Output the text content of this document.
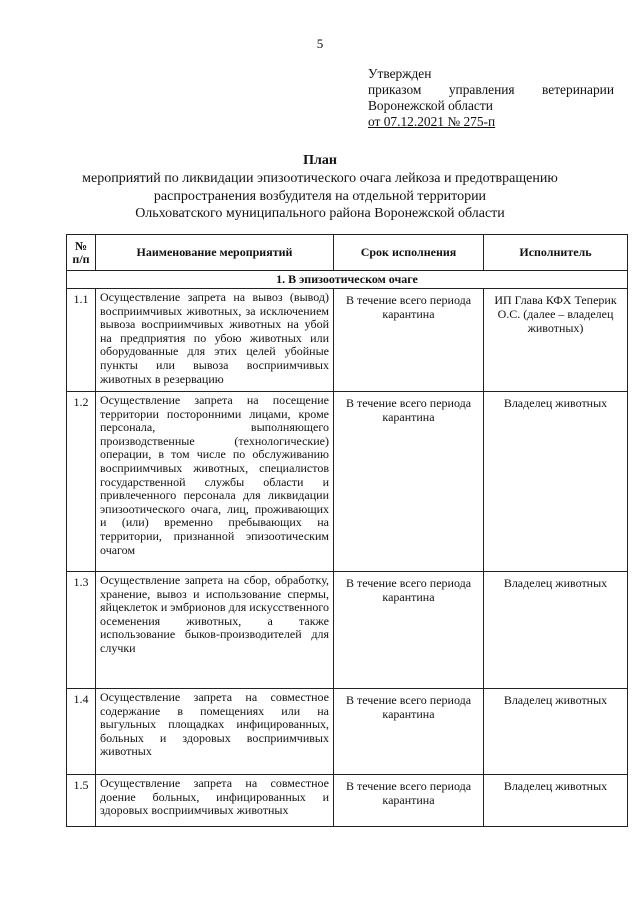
5
Утвержден
приказом управления ветеринарии
Воронежской области
от 07.12.2021 № 275-п
План
мероприятий по ликвидации эпизоотического очага лейкоза и предотвращению
распространения возбудителя на отдельной территории
Ольховатского муниципального района Воронежской области
№
п/п	Наименование мероприятий	Срок исполнения	Исполнитель
1. В эпизоотическом очаге			
1.1	Осуществление запрета на вывоз (вывод) восприимчивых животных, за исключением вывоза восприимчивых животных на убой на предприятия по убою животных или оборудованные для этих целей убойные пункты или вывоза восприимчивых животных в резервацию	В течение всего периода карантина	ИП Глава КФХ Теперик О.С. (далее – владелец животных)
1.2	Осуществление запрета на посещение территории посторонними лицами, кроме персонала, выполняющего производственные (технологические) операции, в том числе по обслуживанию восприимчивых животных, специалистов государственной службы области и привлеченного персонала для ликвидации эпизоотического очага, лиц, проживающих и (или) временно пребывающих на территории, признанной эпизоотическим очагом	В течение всего периода карантина	Владелец животных
1.3	Осуществление запрета на сбор, обработку, хранение, вывоз и использование спермы, яйцеклеток и эмбрионов для искусственного осеменения животных, а также использование быков-производителей для случки	В течение всего периода карантина	Владелец животных
1.4	Осуществление запрета на совместное содержание в помещениях или на выгульных площадках инфицированных, больных и здоровых восприимчивых животных	В течение всего периода карантина	Владелец животных
1.5	Осуществление запрета на совместное доение больных, инфицированных и здоровых восприимчивых животных	В течение всего периода карантина	Владелец животных
